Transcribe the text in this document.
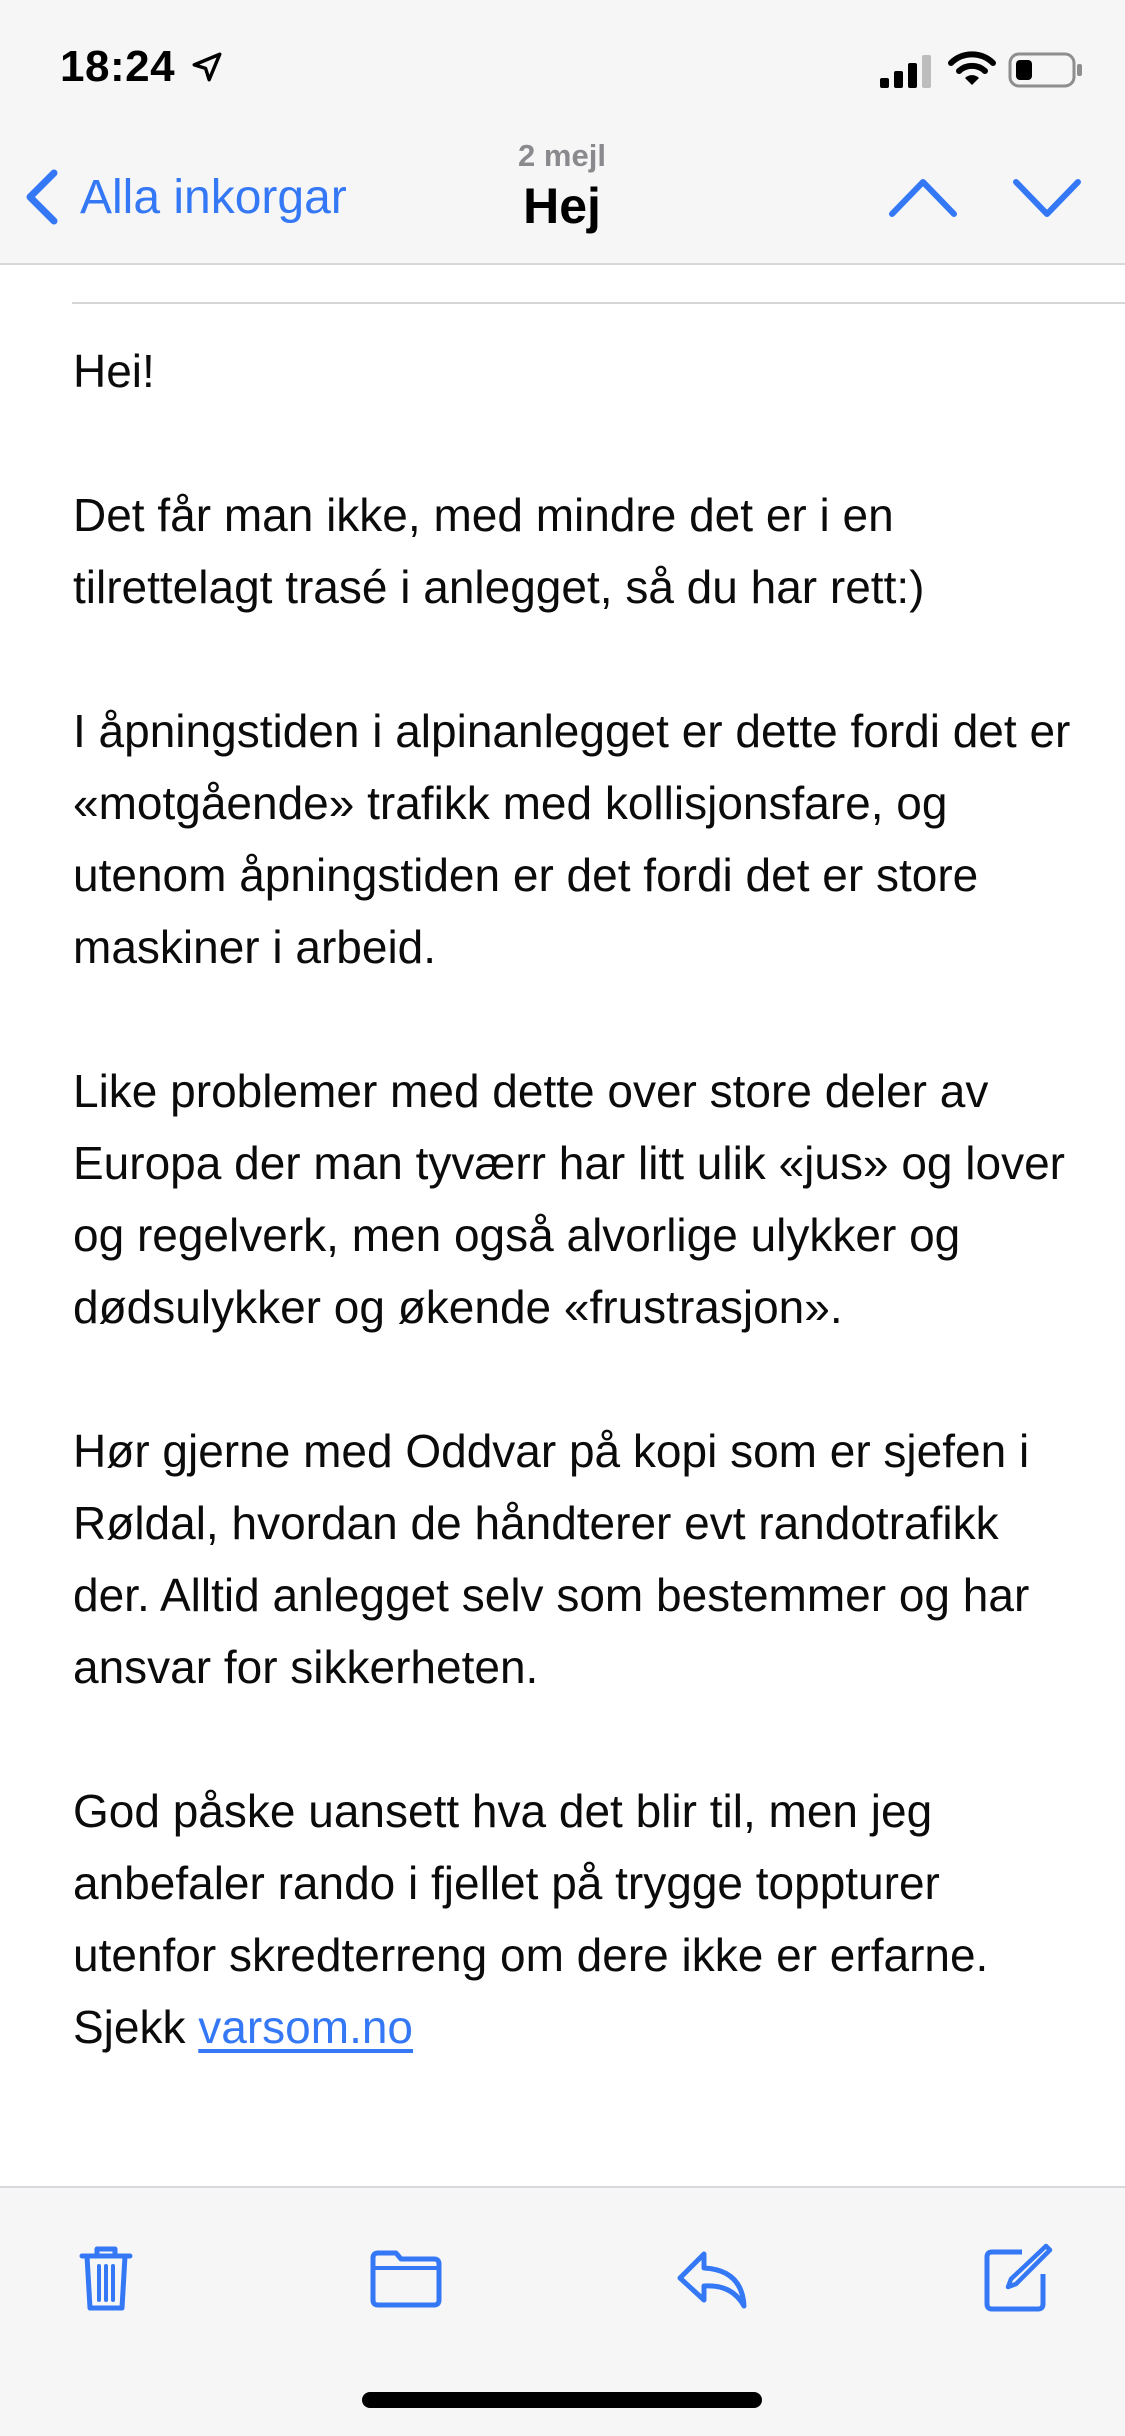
18:24
Alla inkorgar
2 mejl
Hej

Hei!

Det får man ikke, med mindre det er i en tilrettelagt trasé i anlegget, så du har rett:)

I åpningstiden i alpinanlegget er dette fordi det er «motgående» trafikk med kollisjonsfare, og utenom åpningstiden er det fordi det er store maskiner i arbeid.

Like problemer med dette over store deler av Europa der man tyværr har litt ulik «jus» og lover og regelverk, men også alvorlige ulykker og dødsulykker og økende «frustrasjon».

Hør gjerne med Oddvar på kopi som er sjefen i Røldal, hvordan de håndterer evt randotrafikk der. Alltid anlegget selv som bestemmer og har ansvar for sikkerheten.

God påske uansett hva det blir til, men jeg anbefaler rando i fjellet på trygge toppturer utenfor skredterreng om dere ikke er erfarne. Sjekk varsom.no
